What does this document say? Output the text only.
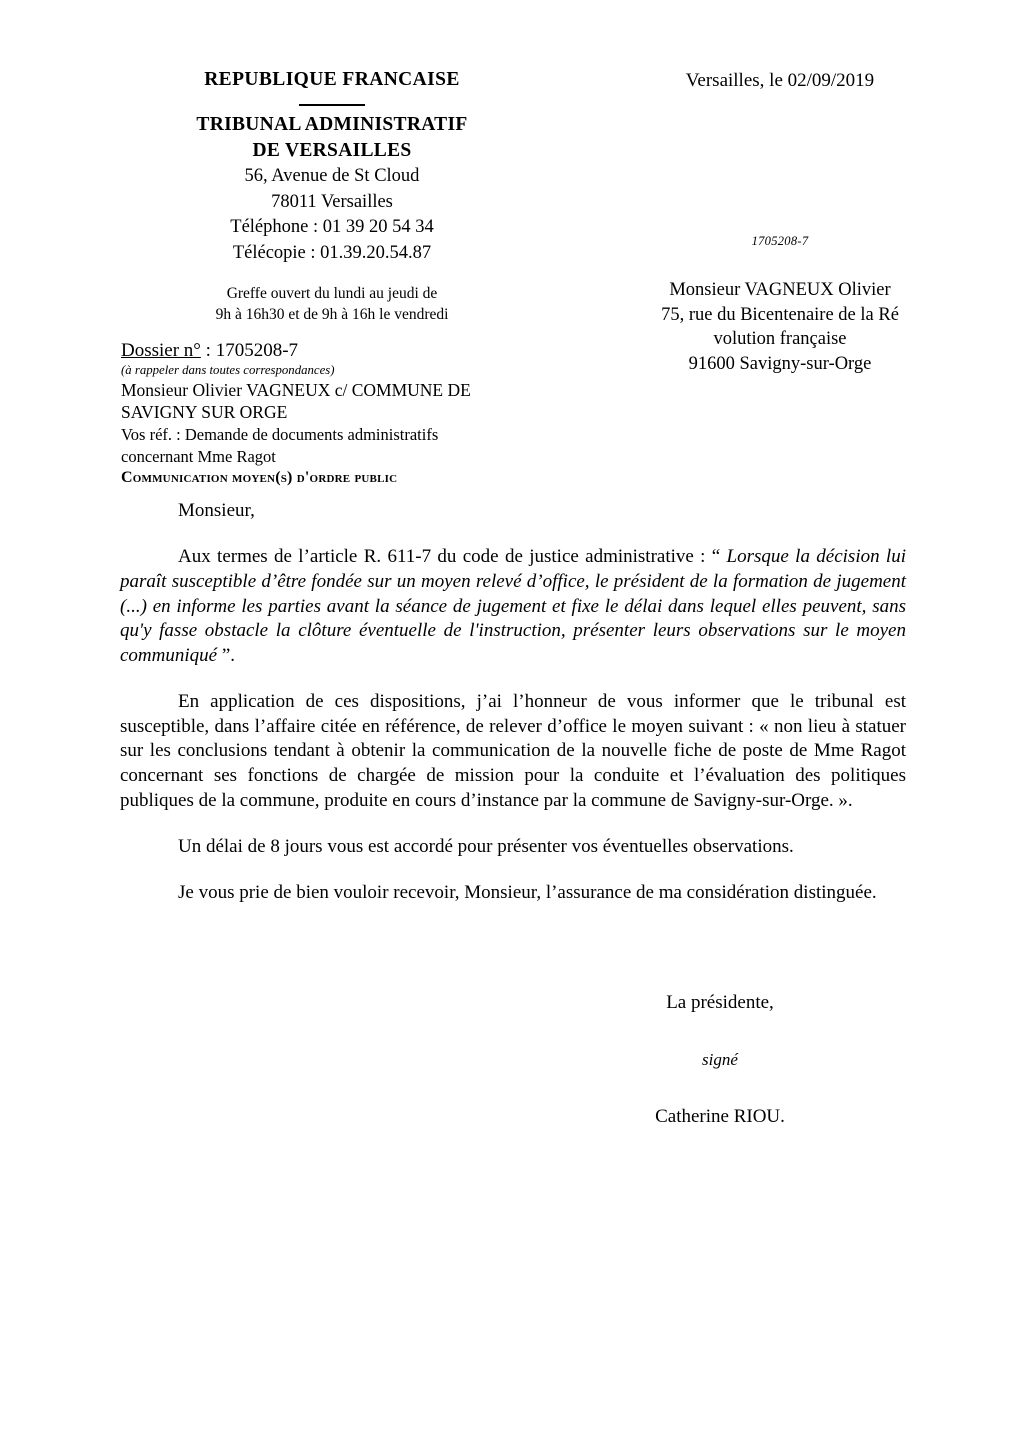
REPUBLIQUE FRANCAISE
TRIBUNAL ADMINISTRATIF
DE VERSAILLES
56, Avenue de St Cloud
78011 Versailles
Téléphone : 01 39 20 54 34
Télécopie : 01.39.20.54.87
Greffe ouvert du lundi au jeudi de
9h à 16h30 et de 9h à 16h le vendredi
Versailles, le 02/09/2019
1705208-7
Monsieur VAGNEUX Olivier
75, rue du Bicentenaire de la Ré
volution française
91600 Savigny-sur-Orge
Dossier n° : 1705208-7
(à rappeler dans toutes correspondances)
Monsieur Olivier VAGNEUX c/ COMMUNE DE
SAVIGNY SUR ORGE
Vos réf. : Demande de documents administratifs
concernant Mme Ragot
Communication moyen(s) d'ordre public
Monsieur,

Aux termes de l’article R. 611-7 du code de justice administrative : “ Lorsque la décision lui paraît susceptible d’être fondée sur un moyen relevé d’office, le président de la formation de jugement (...) en informe les parties avant la séance de jugement et fixe le délai dans lequel elles peuvent, sans qu'y fasse obstacle la clôture éventuelle de l'instruction, présenter leurs observations sur le moyen communiqué ”.

En application de ces dispositions, j’ai l’honneur de vous informer que le tribunal est susceptible, dans l’affaire citée en référence, de relever d’office le moyen suivant : « non lieu à statuer sur les conclusions tendant à obtenir la communication de la nouvelle fiche de poste de Mme Ragot concernant ses fonctions de chargée de mission pour la conduite et l’évaluation des politiques publiques de la commune, produite en cours d’instance par la commune de Savigny-sur-Orge. ».

Un délai de 8 jours vous est accordé pour présenter vos éventuelles observations.

Je vous prie de bien vouloir recevoir, Monsieur, l’assurance de ma considération distinguée.

La présidente,
signé
Catherine RIOU.
